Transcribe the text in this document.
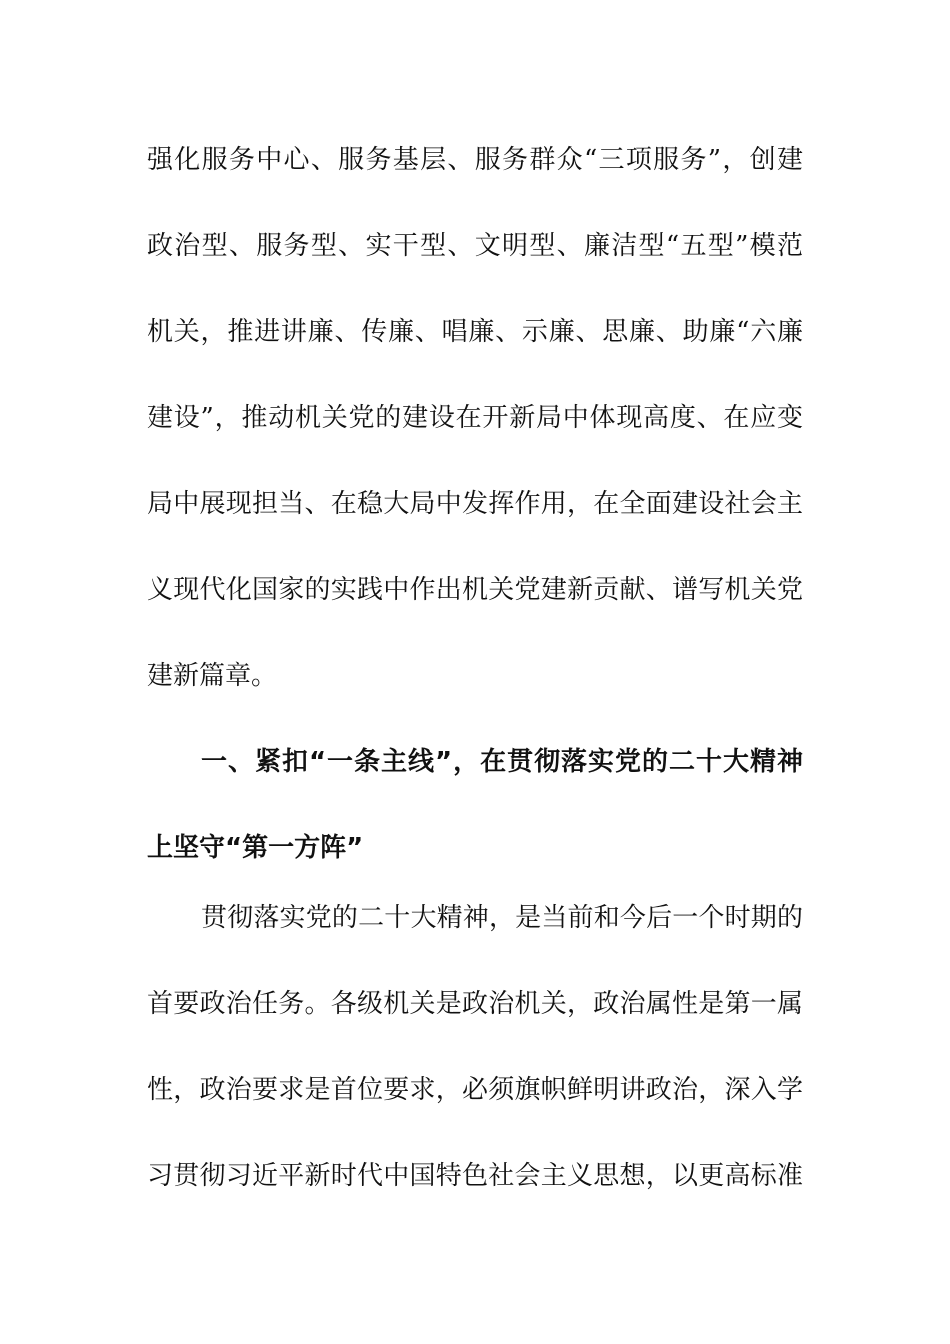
强化服务中心、服务基层、服务群众“三项服务”，创建
政治型、服务型、实干型、文明型、廉洁型“五型”模范
机关，推进讲廉、传廉、唱廉、示廉、思廉、助廉“六廉
建设”，推动机关党的建设在开新局中体现高度、在应变
局中展现担当、在稳大局中发挥作用，在全面建设社会主
义现代化国家的实践中作出机关党建新贡献、谱写机关党
建新篇章。
一、紧扣“一条主线”，在贯彻落实党的二十大精神
上坚守“第一方阵”
贯彻落实党的二十大精神，是当前和今后一个时期的
首要政治任务。各级机关是政治机关，政治属性是第一属
性，政治要求是首位要求，必须旗帜鲜明讲政治，深入学
习贯彻习近平新时代中国特色社会主义思想，以更高标准
